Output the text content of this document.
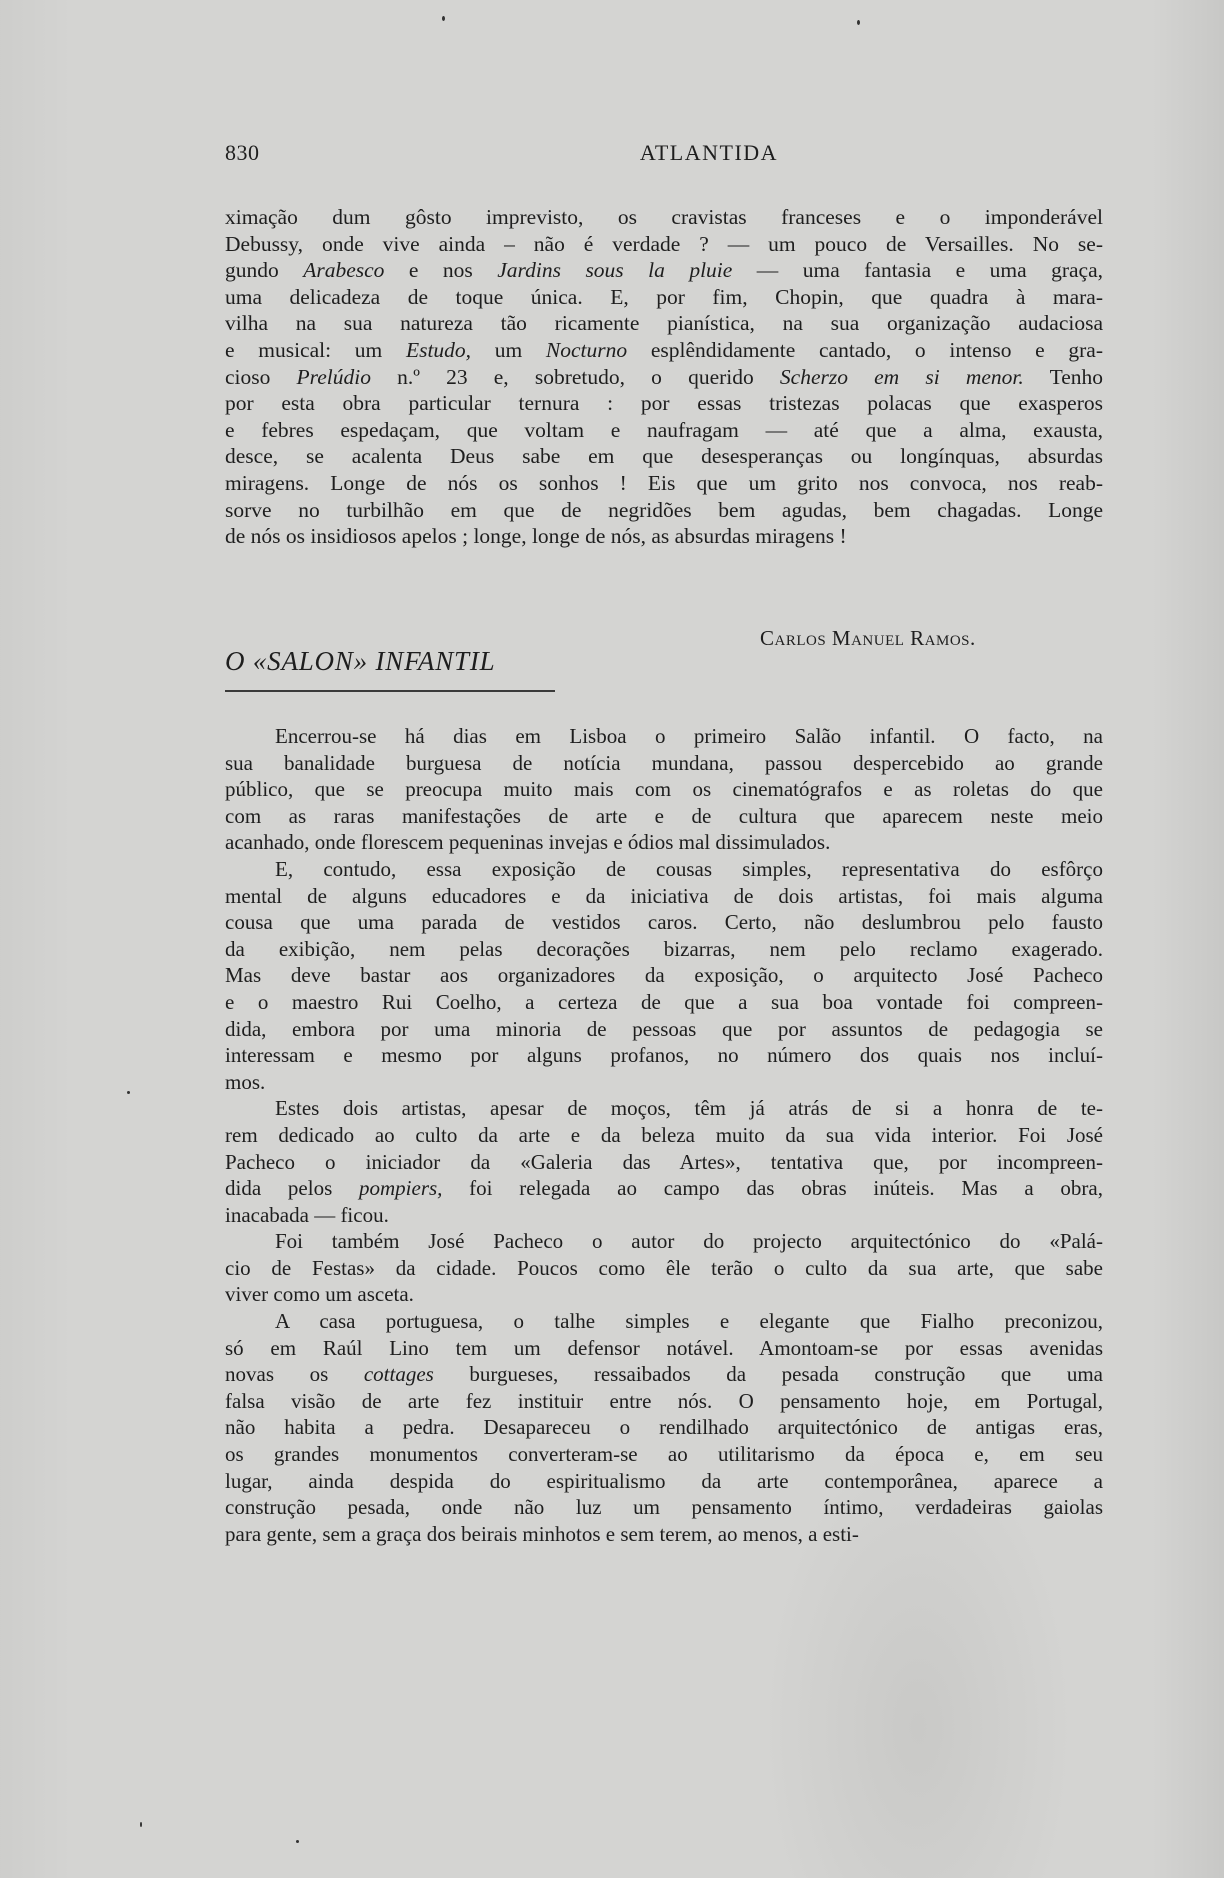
830	ATLANTIDA
ximação dum gôsto imprevisto, os cravistas franceses e o imponderável
Debussy, onde vive ainda – não é verdade ? — um pouco de Versailles. No se-
gundo Arabesco e nos Jardins sous la pluie — uma fantasia e uma graça,
uma delicadeza de toque única. E, por fim, Chopin, que quadra à mara-
vilha na sua natureza tão ricamente pianística, na sua organização audaciosa
e musical: um Estudo, um Nocturno esplêndidamente cantado, o intenso e gra-
cioso Prelúdio n.º 23 e, sobretudo, o querido Scherzo em si menor. Tenho
por esta obra particular ternura : por essas tristezas polacas que exasperos
e febres espedaçam, que voltam e naufragam — até que a alma, exausta,
desce, se acalenta Deus sabe em que desesperanças ou longínquas, absurdas
miragens. Longe de nós os sonhos ! Eis que um grito nos convoca, nos reab-
sorve no turbilhão em que de negridões bem agudas, bem chagadas. Longe
de nós os insidiosos apelos ; longe, longe de nós, as absurdas miragens !
Carlos Manuel Ramos.
O «SALON» INFANTIL
Encerrou-se há dias em Lisboa o primeiro Salão infantil. O facto, na
sua banalidade burguesa de notícia mundana, passou despercebido ao grande
público, que se preocupa muito mais com os cinematógrafos e as roletas do que
com as raras manifestações de arte e de cultura que aparecem neste meio
acanhado, onde florescem pequeninas invejas e ódios mal dissimulados.
E, contudo, essa exposição de cousas simples, representativa do esfôrço
mental de alguns educadores e da iniciativa de dois artistas, foi mais alguma
cousa que uma parada de vestidos caros. Certo, não deslumbrou pelo fausto
da exibição, nem pelas decorações bizarras, nem pelo reclamo exagerado.
Mas deve bastar aos organizadores da exposição, o arquitecto José Pacheco
e o maestro Rui Coelho, a certeza de que a sua boa vontade foi compreen-
dida, embora por uma minoria de pessoas que por assuntos de pedagogia se
interessam e mesmo por alguns profanos, no número dos quais nos incluí-
mos.
Estes dois artistas, apesar de moços, têm já atrás de si a honra de te-
rem dedicado ao culto da arte e da beleza muito da sua vida interior. Foi José
Pacheco o iniciador da «Galeria das Artes», tentativa que, por incompreen-
dida pelos pompiers, foi relegada ao campo das obras inúteis. Mas a obra,
inacabada — ficou.
Foi também José Pacheco o autor do projecto arquitectónico do «Palá-
cio de Festas» da cidade. Poucos como êle terão o culto da sua arte, que sabe
viver como um asceta.
A casa portuguesa, o talhe simples e elegante que Fialho preconizou,
só em Raúl Lino tem um defensor notável. Amontoam-se por essas avenidas
novas os cottages burgueses, ressaibados da pesada construção que uma
falsa visão de arte fez instituir entre nós. O pensamento hoje, em Portugal,
não habita a pedra. Desapareceu o rendilhado arquitectónico de antigas eras,
os grandes monumentos converteram-se ao utilitarismo da época e, em seu
lugar, ainda despida do espiritualismo da arte contemporânea, aparece a
construção pesada, onde não luz um pensamento íntimo, verdadeiras gaiolas
para gente, sem a graça dos beirais minhotos e sem terem, ao menos, a esti-
